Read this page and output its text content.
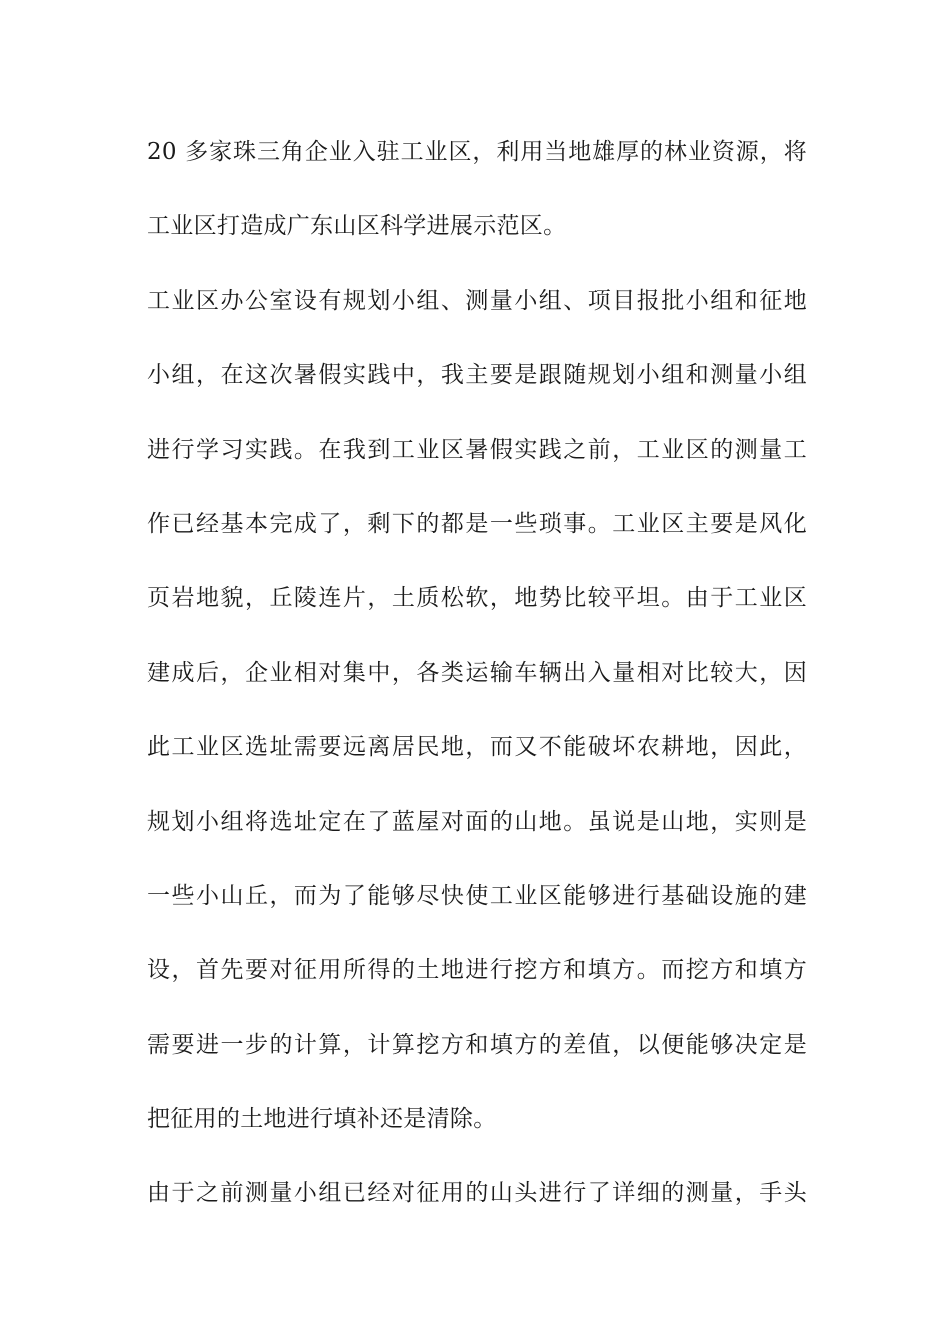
20 多家珠三角企业入驻工业区，利用当地雄厚的林业资源，将
工业区打造成广东山区科学进展示范区。
工业区办公室设有规划小组、测量小组、项目报批小组和征地
小组，在这次暑假实践中，我主要是跟随规划小组和测量小组
进行学习实践。在我到工业区暑假实践之前，工业区的测量工
作已经基本完成了，剩下的都是一些琐事。工业区主要是风化
页岩地貌，丘陵连片，土质松软，地势比较平坦。由于工业区
建成后，企业相对集中，各类运输车辆出入量相对比较大，因
此工业区选址需要远离居民地，而又不能破坏农耕地，因此，
规划小组将选址定在了蓝屋对面的山地。虽说是山地，实则是
一些小山丘，而为了能够尽快使工业区能够进行基础设施的建
设，首先要对征用所得的土地进行挖方和填方。而挖方和填方
需要进一步的计算，计算挖方和填方的差值，以便能够决定是
把征用的土地进行填补还是清除。
由于之前测量小组已经对征用的山头进行了详细的测量，手头
